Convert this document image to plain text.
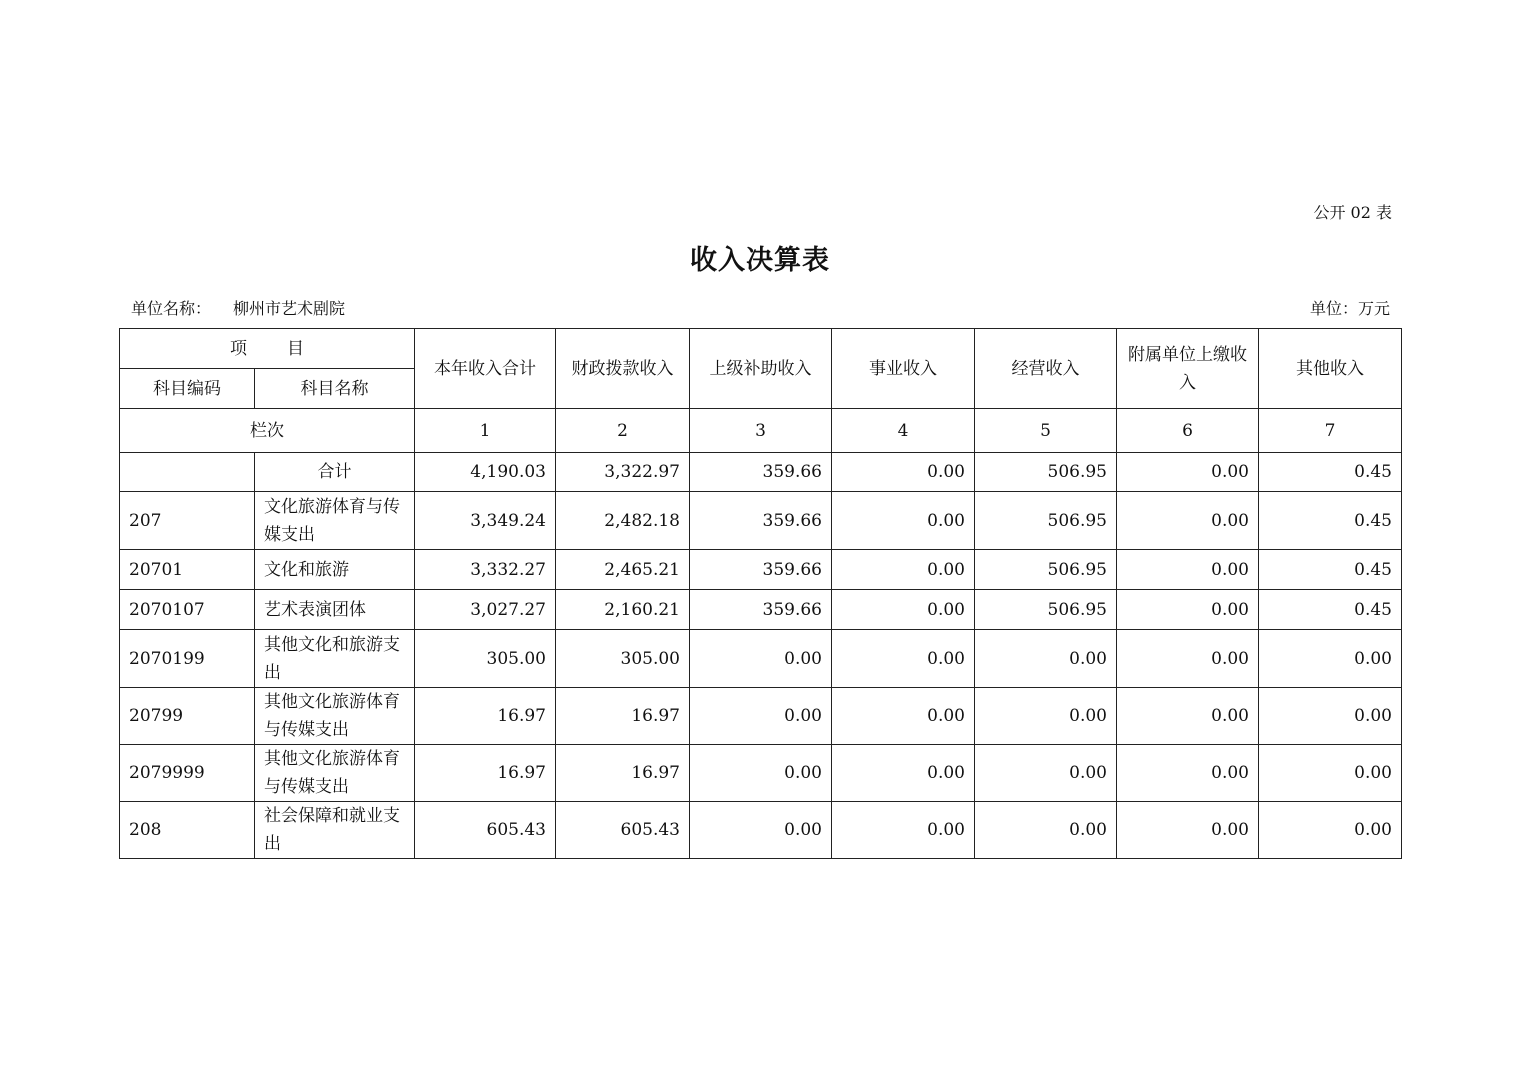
公开 02 表
收入决算表
单位名称： 柳州市艺术剧院	单位：万元
项 目		本年收入合计	财政拨款收入	上级补助收入	事业收入	经营收入	附属单位上缴收入	其他收入
科目编码	科目名称							
栏次		1	2	3	4	5	6	7
	合计	4,190.03	3,322.97	359.66	0.00	506.95	0.00	0.45
207	文化旅游体育与传媒支出	3,349.24	2,482.18	359.66	0.00	506.95	0.00	0.45
20701	文化和旅游	3,332.27	2,465.21	359.66	0.00	506.95	0.00	0.45
2070107	艺术表演团体	3,027.27	2,160.21	359.66	0.00	506.95	0.00	0.45
2070199	其他文化和旅游支出	305.00	305.00	0.00	0.00	0.00	0.00	0.00
20799	其他文化旅游体育与传媒支出	16.97	16.97	0.00	0.00	0.00	0.00	0.00
2079999	其他文化旅游体育与传媒支出	16.97	16.97	0.00	0.00	0.00	0.00	0.00
208	社会保障和就业支出	605.43	605.43	0.00	0.00	0.00	0.00	0.00
